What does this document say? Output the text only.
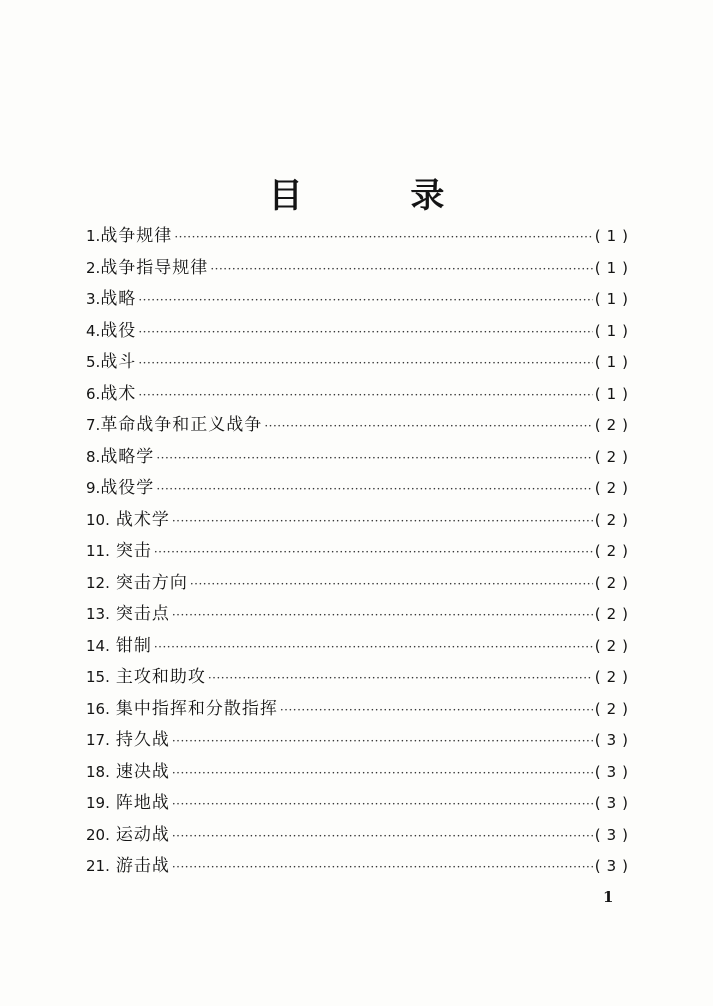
目 录
1. 战争规律 ·····	(1)
2. 战争指导规律 ·····	(1)
3. 战略 ·····	(1)
4. 战役 ·····	(1)
5. 战斗 ·····	(1)
6. 战术 ·····	(1)
7. 革命战争和正义战争 ·····	(2)
8. 战略学 ·····	(2)
9. 战役学 ·····	(2)
10. 战术学 ·····	(2)
11. 突击 ·····	(2)
12. 突击方向 ·····	(2)
13. 突击点 ·····	(2)
14. 钳制 ·····	(2)
15. 主攻和助攻 ·····	(2)
16. 集中指挥和分散指挥 ·····	(2)
17. 持久战 ·····	(3)
18. 速决战 ·····	(3)
19. 阵地战 ·····	(3)
20. 运动战 ·····	(3)
21. 游击战 ·····	(3)
1
